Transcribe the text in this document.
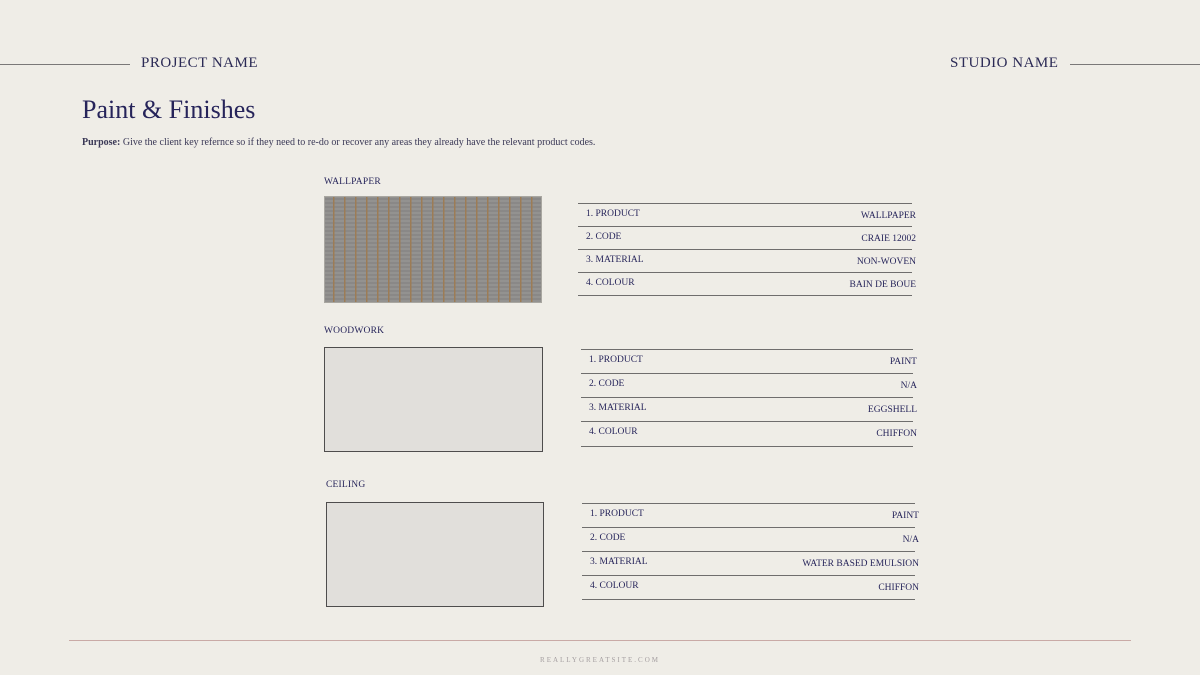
PROJECT NAME	STUDIO NAME
Paint & Finishes
Purpose: Give the client key refernce so if they need to re-do or recover any areas they already have the relevant product codes.
WALLPAPER
1. PRODUCT	WALLPAPER
2. CODE	CRAIE 12002
3. MATERIAL	NON-WOVEN
4. COLOUR	BAIN DE BOUE
WOODWORK
1. PRODUCT	PAINT
2. CODE	N/A
3. MATERIAL	EGGSHELL
4. COLOUR	CHIFFON
CEILING
1. PRODUCT	PAINT
2. CODE	N/A
3. MATERIAL	WATER BASED EMULSION
4. COLOUR	CHIFFON
REALLYGREATSITE.COM
